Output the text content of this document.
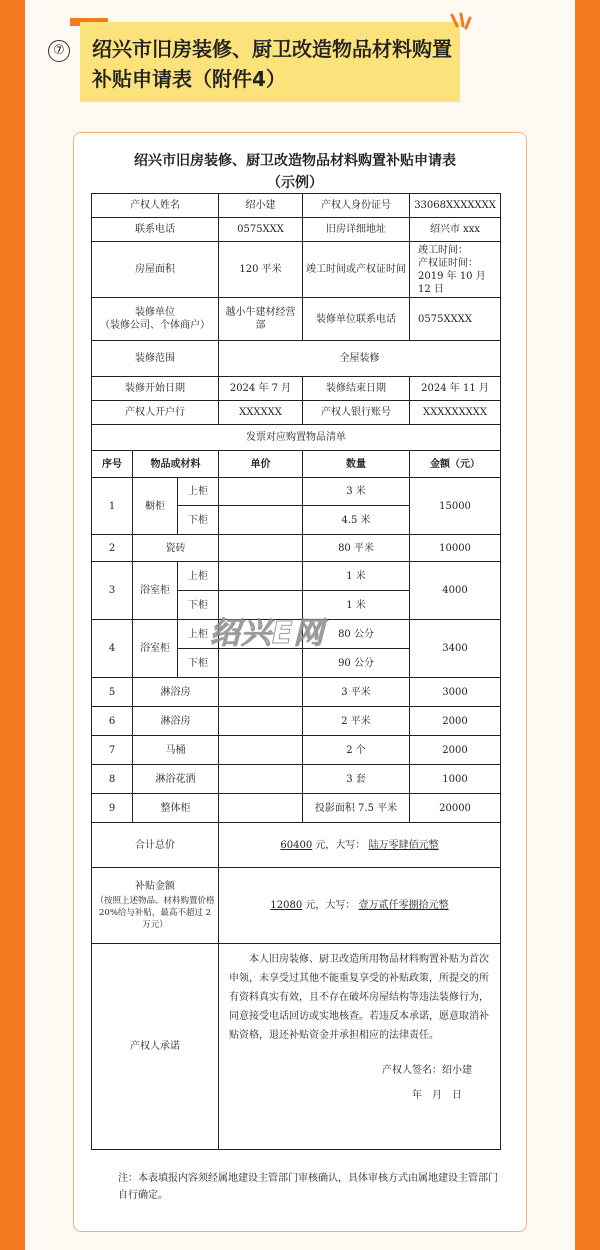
⑦ 绍兴市旧房装修、厨卫改造物品材料购置补贴申请表（附件4）
绍兴市旧房装修、厨卫改造物品材料购置补贴申请表
（示例）
产权人姓名			绍小建	产权人身份证号	33068XXXXXXX
联系电话			0575XXX	旧房详细地址	绍兴市 xxx
房屋面积			120 平米	竣工时间或产权证时间	竣工时间：
产权证时间：2019 年 10 月 12 日

装修单位
（装修公司、个体商户）			越小牛建材经营部	装修单位联系电话	0575XXXX
装修范围			全屋装修		
装修开始日期			2024 年 7 月	装修结束日期	2024 年 11 月
产权人开户行			XXXXXX	产权人银行账号	XXXXXXXXX
发票对应购置物品清单					
序号	物品或材料		单价	数量	金额（元）
1	橱柜	上柜		3 米	15000
		下柜		4.5 米	
2	瓷砖			80 平米	10000
3	浴室柜	上柜		1 米	4000
		下柜		1 米	
4	浴室柜	上柜		80 公分	3400
		下柜		90 公分	
5	淋浴房			3 平米	3000
6	淋浴房			2 平米	2000
7	马桶			2 个	2000
8	淋浴花洒			3 套	1000
9	整体柜			投影面积 7.5 平米	20000
合计总价			60400 元，大写： 陆万零肆佰元整		

补贴金额
（按照上述物品、材料购置价格 20%给与补贴，最高不超过 2 万元）			12080 元，大写： 壹万贰仟零捌拾元整		
产权人承诺			本人旧房装修、厨卫改造所用物品材料购置补贴为首次申领，未享受过其他不能重复享受的补贴政策，所提交的所有资料真实有效，且不存在破坏房屋结构等违法装修行为，同意接受电话回访或实地核查。若违反本承诺，愿意取消补贴资格，退还补贴资金并承担相应的法律责任。

产权人签名：绍小建
年　月　日		
注：本表填报内容须经属地建设主管部门审核确认，具体审核方式由属地建设主管部门自行确定。
绍兴E网
